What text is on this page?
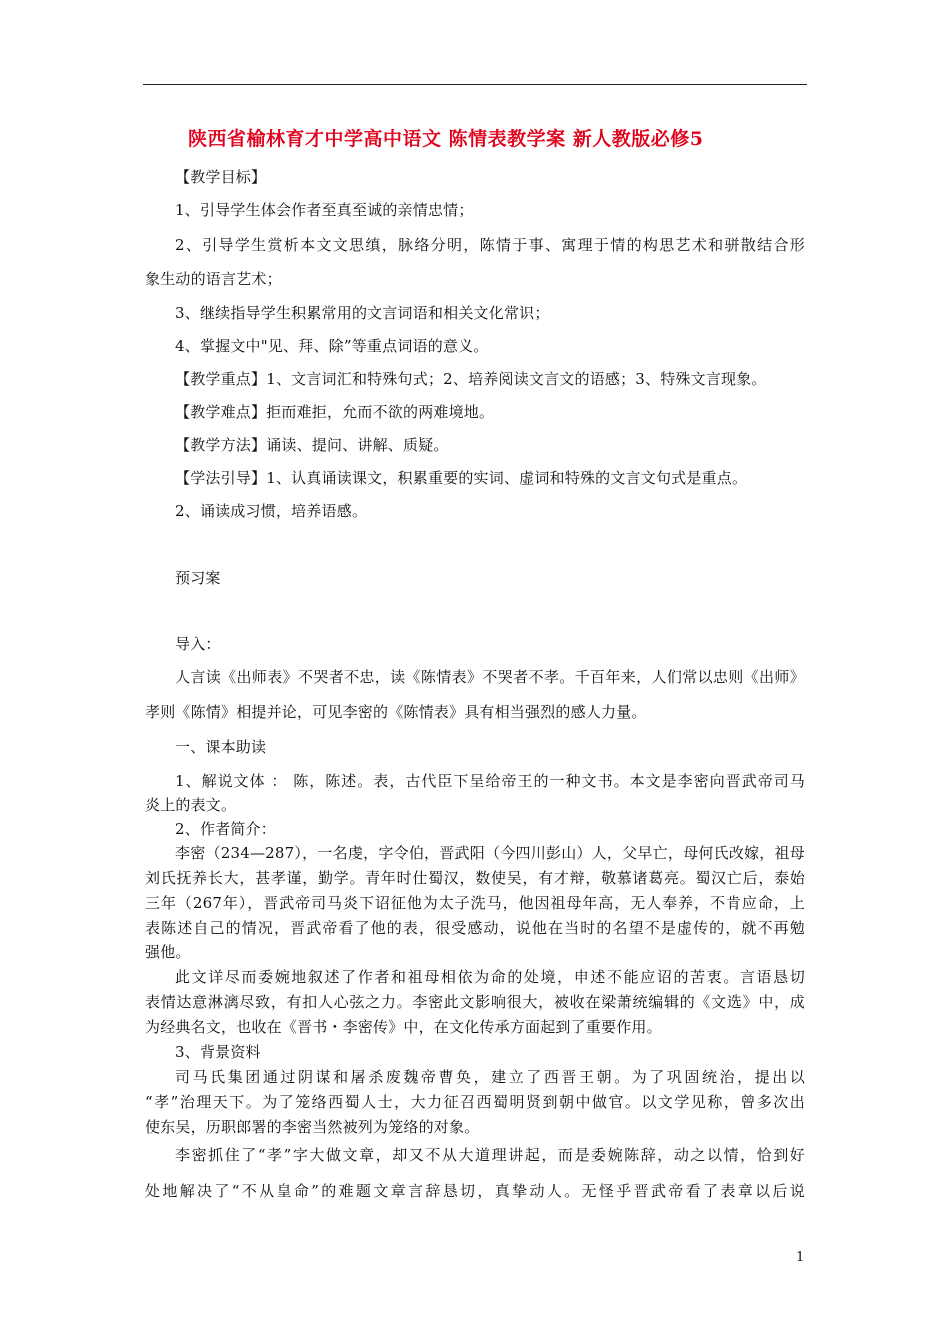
陕西省榆林育才中学高中语文 陈情表教学案 新人教版必修5
【教学目标】
1、引导学生体会作者至真至诚的亲情忠情；
2、引导学生赏析本文文思缜，脉络分明，陈情于事、寓理于情的构思艺术和骈散结合形
象生动的语言艺术；
3、继续指导学生积累常用的文言词语和相关文化常识；
4、掌握文中"见、拜、除”等重点词语的意义。
【教学重点】1、文言词汇和特殊句式；2、培养阅读文言文的语感；3、特殊文言现象。
【教学难点】拒而难拒，允而不欲的两难境地。
【教学方法】诵读、提问、讲解、质疑。
【学法引导】1、认真诵读课文，积累重要的实词、虚词和特殊的文言文句式是重点。
2、诵读成习惯，培养语感。
预习案
导入：
人言读《出师表》不哭者不忠，读《陈情表》不哭者不孝。千百年来，人们常以忠则《出师》
孝则《陈情》相提并论，可见李密的《陈情表》具有相当强烈的感人力量。
一、课本助读
1、解说文体 ： 陈，陈述。表，古代臣下呈给帝王的一种文书。本文是李密向晋武帝司马
炎上的表文。
2、作者简介：
李密（234—287），一名虔，字令伯，晋武阳（今四川彭山）人，父早亡，母何氏改嫁，祖母
刘氏抚养长大，甚孝谨，勤学。青年时仕蜀汉，数使吴，有才辩，敬慕诸葛亮。蜀汉亡后，泰始
三年（267年），晋武帝司马炎下诏征他为太子洗马，他因祖母年高，无人奉养，不肯应命，上
表陈述自己的情况，晋武帝看了他的表，很受感动，说他在当时的名望不是虚传的，就不再勉
强他。
此文详尽而委婉地叙述了作者和祖母相依为命的处境，申述不能应诏的苦衷。言语恳切
表情达意淋漓尽致，有扣人心弦之力。李密此文影响很大，被收在梁萧统编辑的《文选》中，成
为经典名文，也收在《晋书・李密传》中，在文化传承方面起到了重要作用。
3、背景资料
司马氏集团通过阴谋和屠杀废魏帝曹奂，建立了西晋王朝。为了巩固统治，提出以
“孝”治理天下。为了笼络西蜀人士，大力征召西蜀明贤到朝中做官。以文学见称，曾多次出
使东吴，历职郎署的李密当然被列为笼络的对象。
李密抓住了“孝”字大做文章，却又不从大道理讲起，而是委婉陈辞，动之以情，恰到好
处地解决了“不从皇命”的难题文章言辞恳切，真挚动人。无怪乎晋武帝看了表章以后说
1
